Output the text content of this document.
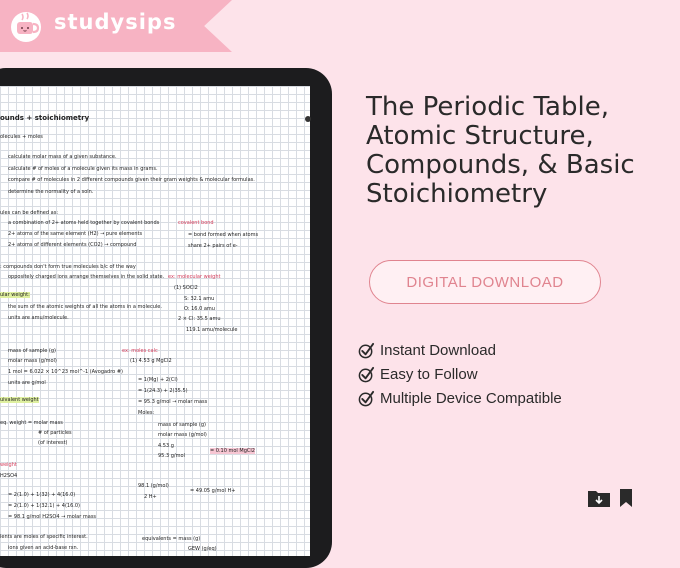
studysips
ounds + stoichiometry
olecules + moles
calculate molar mass of a given substance.
calculate # of moles of a molecule given its mass in grams.
compare # of molecules in 2 different compounds given their gram weights & molecular formulas.
determine the normality of a soln.
ules can be defined as:
a combination of 2+ atoms held together by covalent bonds
2+ atoms of the same element (H2) → pure elements
2+ atoms of different elements (CO2) → compound
covalent bond
= bond formed when atoms
share 2+ pairs of e-
: compounds don't form true molecules b/c of the way
oppositely charged ions arrange themselves in the solid state.
ular weight:
the sum of the atomic weights of all the atoms in a molecule.
units are amu/molecule.
ex: molecular weight
(1) SOCl2
S: 32.1 amu
O: 16.0 amu
2 × Cl: 35.5 amu
119.1 amu/molecule
mass of sample (g)
molar mass (g/mol)
1 mol = 6.022 × 10^23 mol^-1 (Avogadro #)
units are g/mol
ex: moles calc
(1) 4.53 g MgCl2
= 1(Mg) + 2(Cl)
= 1(24.3) + 2(35.5)
= 95.3 g/mol → molar mass
Moles:
mass of sample (g)
molar mass (g/mol)
4.53 g
95.3 g/mol
= 0.10 mol MgCl2
uivalent weight
eq. weight = molar mass
# of particles
(of interest)
weight
H2SO4
= 2(1.0) + 1(32) + 4(16.0)
= 2(1.0) + 1(32.1) + 4(16.0)
= 98.1 g/mol H2SO4 → molar mass
98.1 (g/mol)
2 H+
= 49.05 g/mol H+
lents are moles of specific interest.
ions given an acid-base rxn.
equivalents = mass (g)
GEW (g/eq)
The Periodic Table,
Atomic Structure,
Compounds, & Basic
Stoichiometry
DIGITAL DOWNLOAD
Instant Download
Easy to Follow
Multiple Device Compatible
